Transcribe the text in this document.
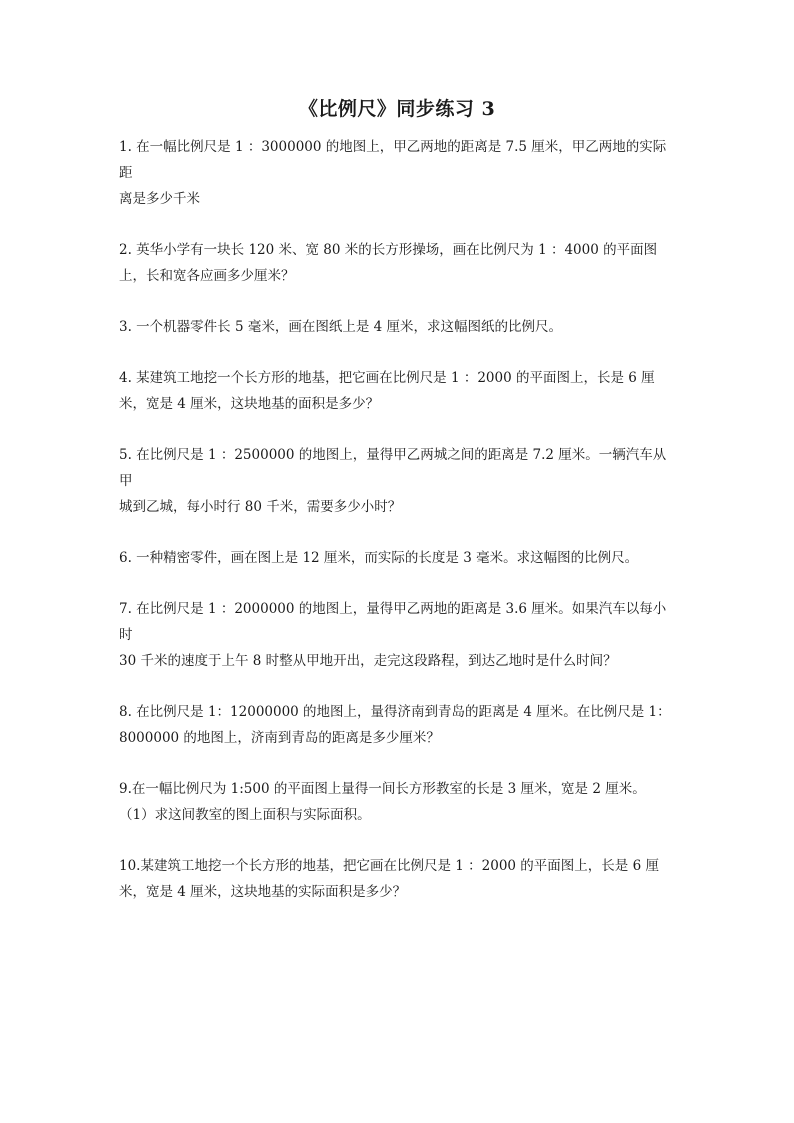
《比例尺》同步练习 3

1. 在一幅比例尺是 1 ：3000000 的地图上，甲乙两地的距离是 7.5 厘米，甲乙两地的实际距

离是多少千米

2. 英华小学有一块长 120 米、宽 80 米的长方形操场，画在比例尺为 1 ：4000 的平面图

上，长和宽各应画多少厘米？

3. 一个机器零件长 5 毫米，画在图纸上是 4 厘米，求这幅图纸的比例尺。

4. 某建筑工地挖一个长方形的地基，把它画在比例尺是 1 ：2000 的平面图上，长是 6 厘

米，宽是 4 厘米，这块地基的面积是多少？

5. 在比例尺是 1 ：2500000 的地图上，量得甲乙两城之间的距离是 7.2 厘米。一辆汽车从甲

城到乙城，每小时行 80 千米，需要多少小时？

6. 一种精密零件，画在图上是 12 厘米，而实际的长度是 3 毫米。求这幅图的比例尺。

7. 在比例尺是 1 ：2000000 的地图上，量得甲乙两地的距离是 3.6 厘米。如果汽车以每小时

30 千米的速度于上午 8 时整从甲地开出，走完这段路程，到达乙地时是什么时间？

8. 在比例尺是 1：12000000 的地图上，量得济南到青岛的距离是 4 厘米。在比例尺是 1：

8000000 的地图上，济南到青岛的距离是多少厘米？

9.在一幅比例尺为 1:500 的平面图上量得一间长方形教室的长是 3 厘米，宽是 2 厘米。

（1）求这间教室的图上面积与实际面积。

10.某建筑工地挖一个长方形的地基，把它画在比例尺是 1 ：2000 的平面图上，长是 6 厘

米，宽是 4 厘米，这块地基的实际面积是多少？
